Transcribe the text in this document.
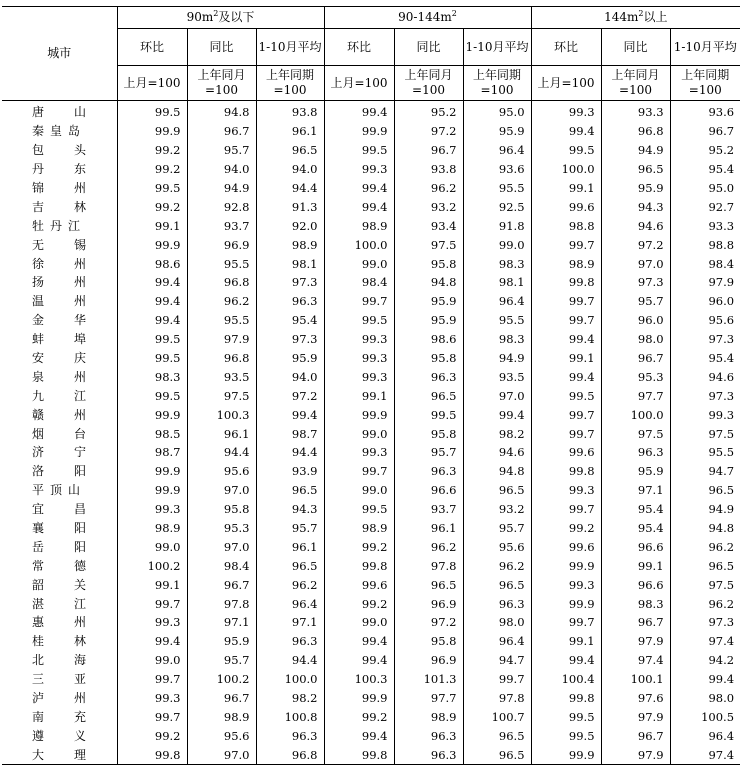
城市	$90m^2$及以下			$90-144m^2$			$144m^2$以上		
	环比	同比	1-10月平均	环比	同比	1-10月平均	环比	同比	1-10月平均
	上月=100	上年同月=100	上年同期=100	上月=100	上年同月=100	上年同期=100	上月=100	上年同月=100	上年同期=100
唐山	99.5	94.8	93.8	99.4	95.2	95.0	99.3	93.3	93.6
秦皇岛	99.9	96.7	96.1	99.9	97.2	95.9	99.4	96.8	96.7
包头	99.2	95.7	96.5	99.5	96.7	96.4	99.5	94.9	95.2
丹东	99.2	94.0	94.0	99.3	93.8	93.6	100.0	96.5	95.4
锦州	99.5	94.9	94.4	99.4	96.2	95.5	99.1	95.9	95.0
吉林	99.2	92.8	91.3	99.4	93.2	92.5	99.6	94.3	92.7
牡丹江	99.1	93.7	92.0	98.9	93.4	91.8	98.8	94.6	93.3
无锡	99.9	96.9	98.9	100.0	97.5	99.0	99.7	97.2	98.8
徐州	98.6	95.5	98.1	99.0	95.8	98.3	98.9	97.0	98.4
扬州	99.4	96.8	97.3	98.4	94.8	98.1	99.8	97.3	97.9
温州	99.4	96.2	96.3	99.7	95.9	96.4	99.7	95.7	96.0
金华	99.4	95.5	95.4	99.5	95.9	95.5	99.7	96.0	95.6
蚌埠	99.5	97.9	97.3	99.3	98.6	98.3	99.4	98.0	97.3
安庆	99.5	96.8	95.9	99.3	95.8	94.9	99.1	96.7	95.4
泉州	98.3	93.5	94.0	99.3	96.3	93.5	99.4	95.3	94.6
九江	99.5	97.5	97.2	99.1	96.5	97.0	99.5	97.7	97.3
赣州	99.9	100.3	99.4	99.9	99.5	99.4	99.7	100.0	99.3
烟台	98.5	96.1	98.7	99.0	95.8	98.2	99.7	97.5	97.5
济宁	98.7	94.4	94.4	99.3	95.7	94.6	99.6	96.3	95.5
洛阳	99.9	95.6	93.9	99.7	96.3	94.8	99.8	95.9	94.7
平顶山	99.9	97.0	96.5	99.0	96.6	96.5	99.3	97.1	96.5
宜昌	99.3	95.8	94.3	99.5	93.7	93.2	99.7	95.4	94.9
襄阳	98.9	95.3	95.7	98.9	96.1	95.7	99.2	95.4	94.8
岳阳	99.0	97.0	96.1	99.2	96.2	95.6	99.6	96.6	96.2
常德	100.2	98.4	96.5	99.8	97.8	96.2	99.9	99.1	96.5
韶关	99.1	96.7	96.2	99.6	96.5	96.5	99.3	96.6	97.5
湛江	99.7	97.8	96.4	99.2	96.9	96.3	99.9	98.3	96.2
惠州	99.3	97.1	97.1	99.0	97.2	98.0	99.7	96.7	97.3
桂林	99.4	95.9	96.3	99.4	95.8	96.4	99.1	97.9	97.4
北海	99.0	95.7	94.4	99.4	96.9	94.7	99.4	97.4	94.2
三亚	99.7	100.2	100.0	100.3	101.3	99.7	100.4	100.1	99.4
泸州	99.3	96.7	98.2	99.9	97.7	97.8	99.8	97.6	98.0
南充	99.7	98.9	100.8	99.2	98.9	100.7	99.5	97.9	100.5
遵义	99.2	95.6	96.3	99.4	96.3	96.5	99.5	96.7	96.4
大理	99.8	97.0	96.8	99.8	96.3	96.5	99.9	97.9	97.4
